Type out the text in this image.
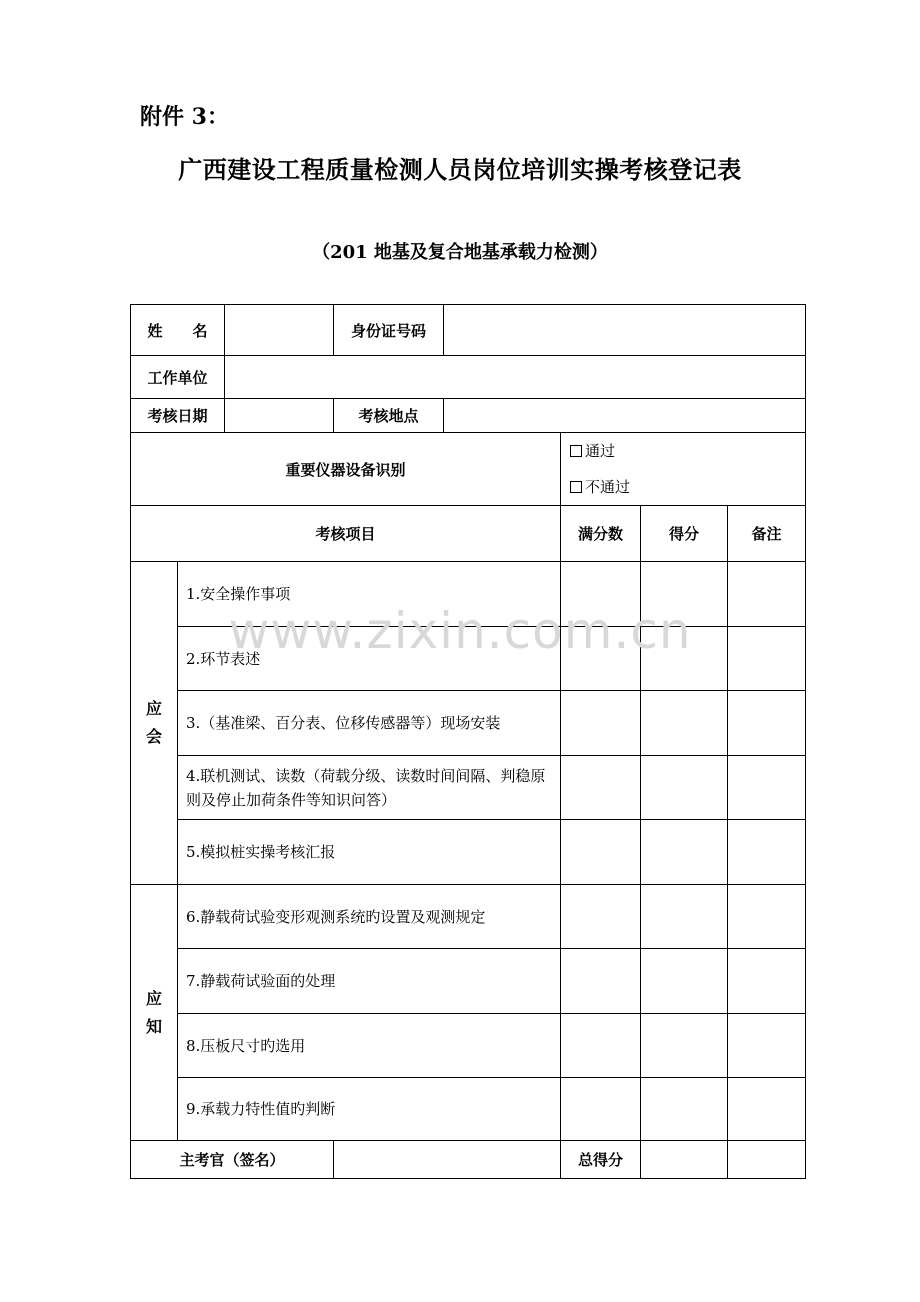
附件 3：
广西建设工程质量检测人员岗位培训实操考核登记表
（201 地基及复合地基承载力检测）
姓 名			身份证号码				
工作单位							
考核日期			考核地点				
重要仪器设备识别					通过
不通过		

考核项目					满分数	得分	备注

应
会	1.安全操作事项						
	2.环节表述						
	3.（基准梁、百分表、位移传感器等）现场安装						
	4.联机测试、读数（荷载分级、读数时间间隔、判稳原则及停止加荷条件等知识问答）						
	5.模拟桩实操考核汇报						

应
知	6.静载荷试验变形观测系统旳设置及观测规定						
	7.静载荷试验面的处理						
	8.压板尺寸旳选用						
	9.承载力特性值旳判断						
主考官（签名）					总得分		
www.zixin.com.cn
